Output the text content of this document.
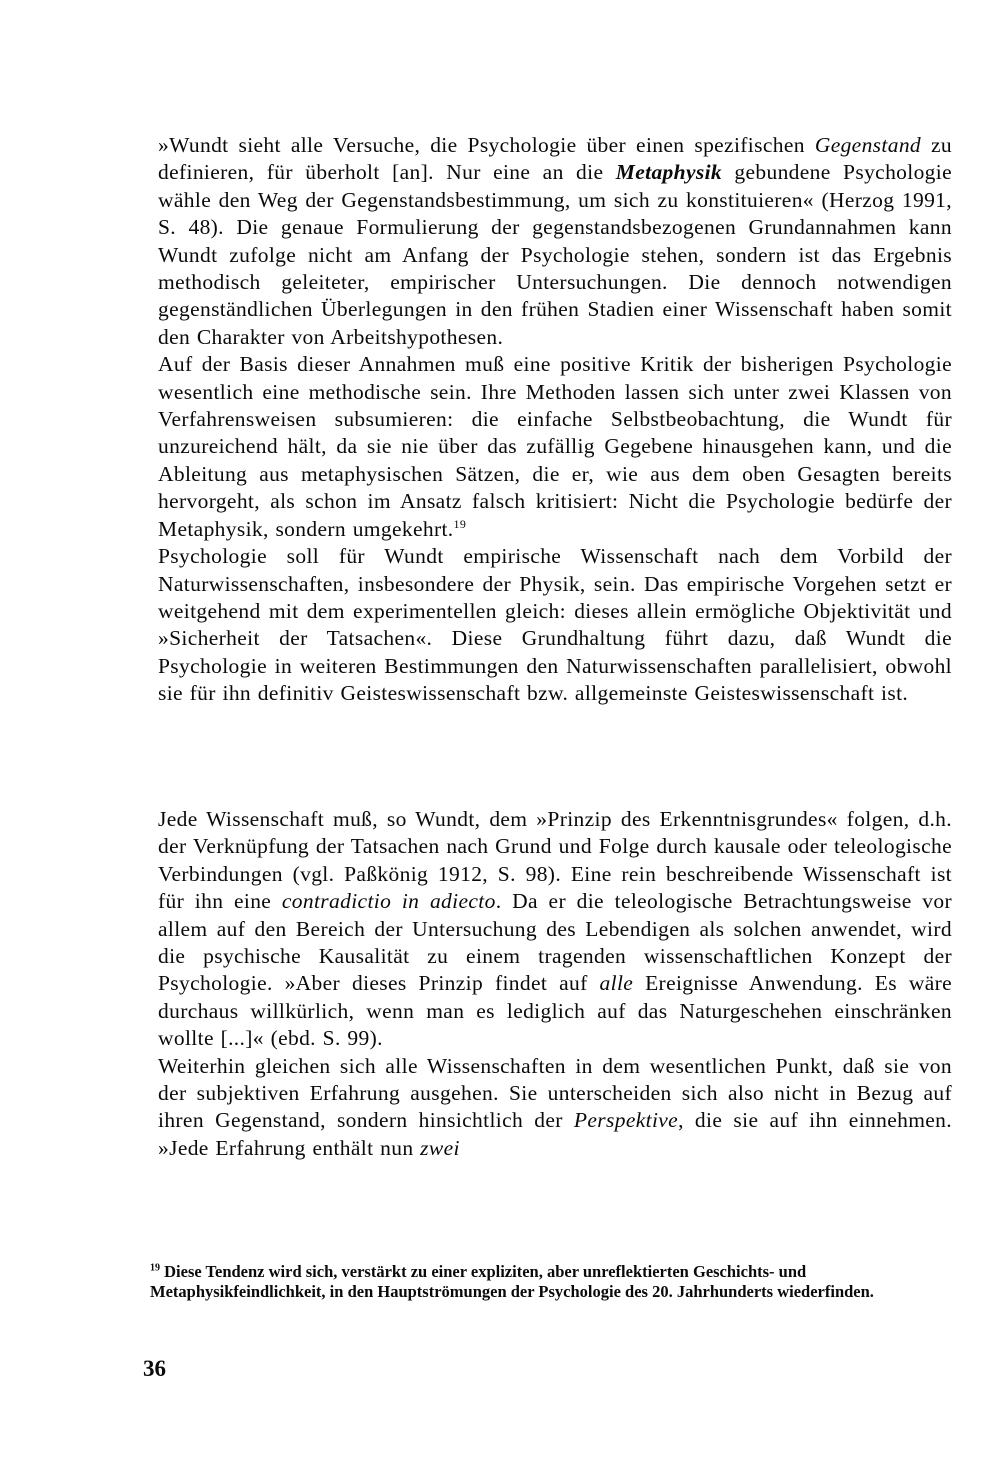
»Wundt sieht alle Versuche, die Psychologie über einen spezifischen Gegenstand zu definieren, für überholt [an]. Nur eine an die Metaphysik gebundene Psychologie wähle den Weg der Gegenstandsbestimmung, um sich zu konstituieren« (Herzog 1991, S. 48). Die genaue Formulierung der gegenstandsbezogenen Grundannahmen kann Wundt zufolge nicht am Anfang der Psychologie stehen, sondern ist das Ergebnis methodisch geleiteter, empirischer Untersuchungen. Die dennoch notwendigen gegenständlichen Überlegungen in den frühen Stadien einer Wissenschaft haben somit den Charakter von Arbeitshypothesen.

Auf der Basis dieser Annahmen muß eine positive Kritik der bisherigen Psychologie wesentlich eine methodische sein. Ihre Methoden lassen sich unter zwei Klassen von Verfahrensweisen subsumieren: die einfache Selbstbeobachtung, die Wundt für unzureichend hält, da sie nie über das zufällig Gegebene hinausgehen kann, und die Ableitung aus metaphysischen Sätzen, die er, wie aus dem oben Gesagten bereits hervorgeht, als schon im Ansatz falsch kritisiert: Nicht die Psychologie bedürfe der Metaphysik, sondern umgekehrt.$^{19}$

Psychologie soll für Wundt empirische Wissenschaft nach dem Vorbild der Naturwissenschaften, insbesondere der Physik, sein. Das empirische Vorgehen setzt er weitgehend mit dem experimentellen gleich: dieses allein ermögliche Objektivität und »Sicherheit der Tatsachen«. Diese Grundhaltung führt dazu, daß Wundt die Psychologie in weiteren Bestimmungen den Naturwissenschaften parallelisiert, obwohl sie für ihn definitiv Geisteswissenschaft bzw. allgemeinste Geisteswissenschaft ist.

Jede Wissenschaft muß, so Wundt, dem »Prinzip des Erkenntnisgrundes« folgen, d.h. der Verknüpfung der Tatsachen nach Grund und Folge durch kausale oder teleologische Verbindungen (vgl. Paßkönig 1912, S. 98). Eine rein beschreibende Wissenschaft ist für ihn eine contradictio in adiecto. Da er die teleologische Betrachtungsweise vor allem auf den Bereich der Untersuchung des Lebendigen als solchen anwendet, wird die psychische Kausalität zu einem tragenden wissenschaftlichen Konzept der Psychologie. »Aber dieses Prinzip findet auf alle Ereignisse Anwendung. Es wäre durchaus willkürlich, wenn man es lediglich auf das Naturgeschehen einschränken wollte [...]« (ebd. S. 99).

Weiterhin gleichen sich alle Wissenschaften in dem wesentlichen Punkt, daß sie von der subjektiven Erfahrung ausgehen. Sie unterscheiden sich also nicht in Bezug auf ihren Gegenstand, sondern hinsichtlich der Perspektive, die sie auf ihn einnehmen. »Jede Erfahrung enthält nun zwei

$^{19}$ Diese Tendenz wird sich, verstärkt zu einer expliziten, aber unreflektierten Geschichts- und Metaphysikfeindlichkeit, in den Hauptströmungen der Psychologie des 20. Jahrhunderts wiederfinden.
36
